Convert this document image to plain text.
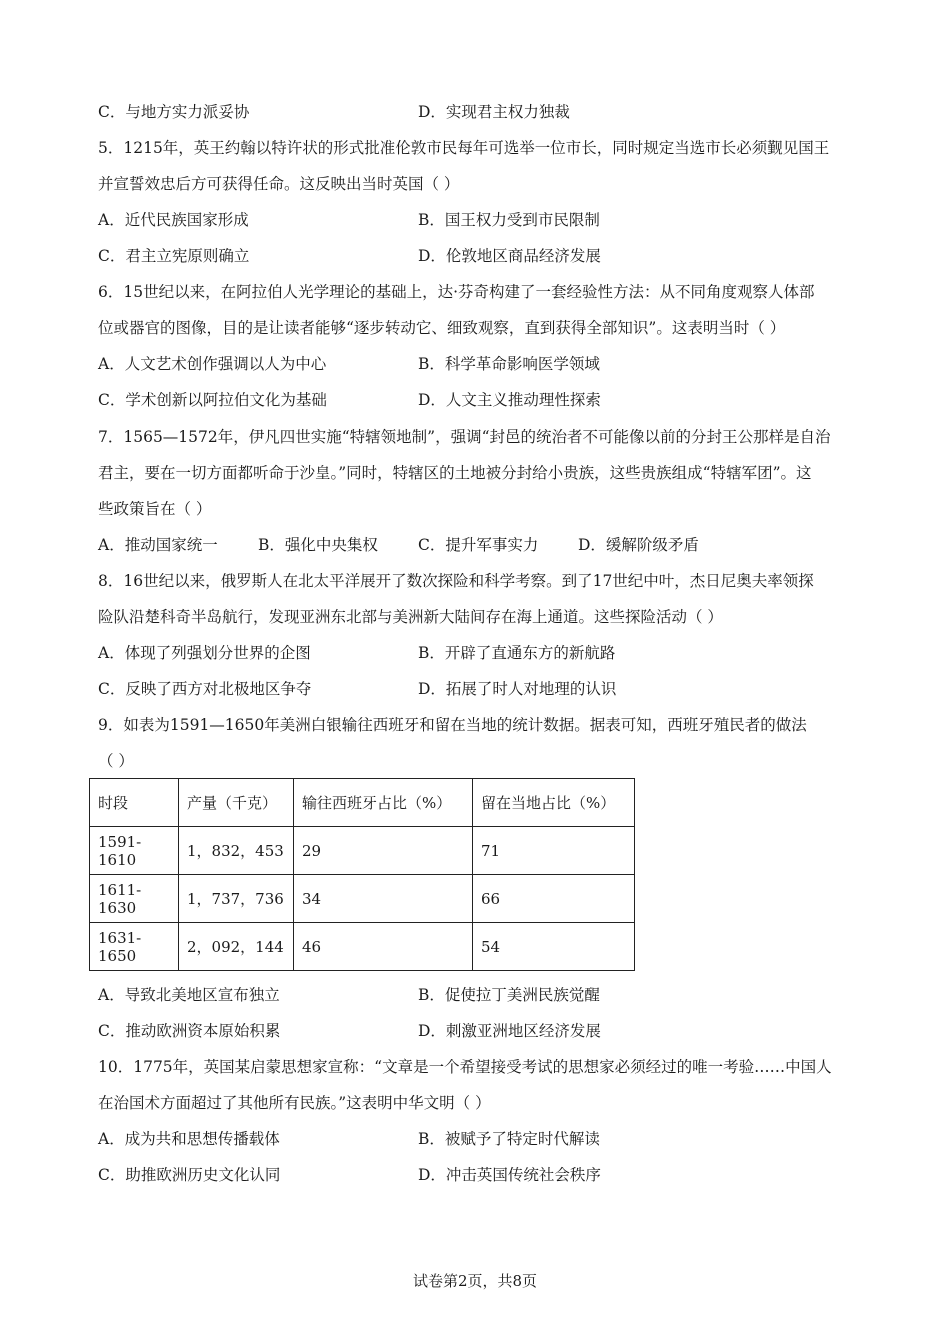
C．与地方实力派妥协	D．实现君主权力独裁
5．1215年，英王约翰以特许状的形式批准伦敦市民每年可选举一位市长，同时规定当选市长必须觐见国王
并宣誓效忠后方可获得任命。这反映出当时英国（ ）
A．近代民族国家形成	B．国王权力受到市民限制
C．君主立宪原则确立	D．伦敦地区商品经济发展
6．15世纪以来，在阿拉伯人光学理论的基础上，达·芬奇构建了一套经验性方法：从不同角度观察人体部
位或器官的图像，目的是让读者能够“逐步转动它、细致观察，直到获得全部知识”。这表明当时（ ）
A．人文艺术创作强调以人为中心	B．科学革命影响医学领域
C．学术创新以阿拉伯文化为基础	D．人文主义推动理性探索
7．1565—1572年，伊凡四世实施“特辖领地制”，强调“封邑的统治者不可能像以前的分封王公那样是自治
君主，要在一切方面都听命于沙皇。”同时，特辖区的土地被分封给小贵族，这些贵族组成“特辖军团”。这
些政策旨在（ ）
A．推动国家统一	B．强化中央集权	C．提升军事实力	D．缓解阶级矛盾
8．16世纪以来，俄罗斯人在北太平洋展开了数次探险和科学考察。到了17世纪中叶，杰日尼奥夫率领探
险队沿楚科奇半岛航行，发现亚洲东北部与美洲新大陆间存在海上通道。这些探险活动（ ）
A．体现了列强划分世界的企图	B．开辟了直通东方的新航路
C．反映了西方对北极地区争夺	D．拓展了时人对地理的认识
9．如表为1591—1650年美洲白银输往西班牙和留在当地的统计数据。据表可知，西班牙殖民者的做法
（ ）
时段	产量（千克）	输往西班牙占比（%）	留在当地占比（%）
1591-1610	1，832，453	29	71
1611-1630	1，737，736	34	66
1631-1650	2，092，144	46	54
A．导致北美地区宣布独立	B．促使拉丁美洲民族觉醒
C．推动欧洲资本原始积累	D．刺激亚洲地区经济发展
10．1775年，英国某启蒙思想家宣称：“文章是一个希望接受考试的思想家必须经过的唯一考验……中国人
在治国术方面超过了其他所有民族。”这表明中华文明（ ）
A．成为共和思想传播载体	B．被赋予了特定时代解读
C．助推欧洲历史文化认同	D．冲击英国传统社会秩序
试卷第2页，共8页
